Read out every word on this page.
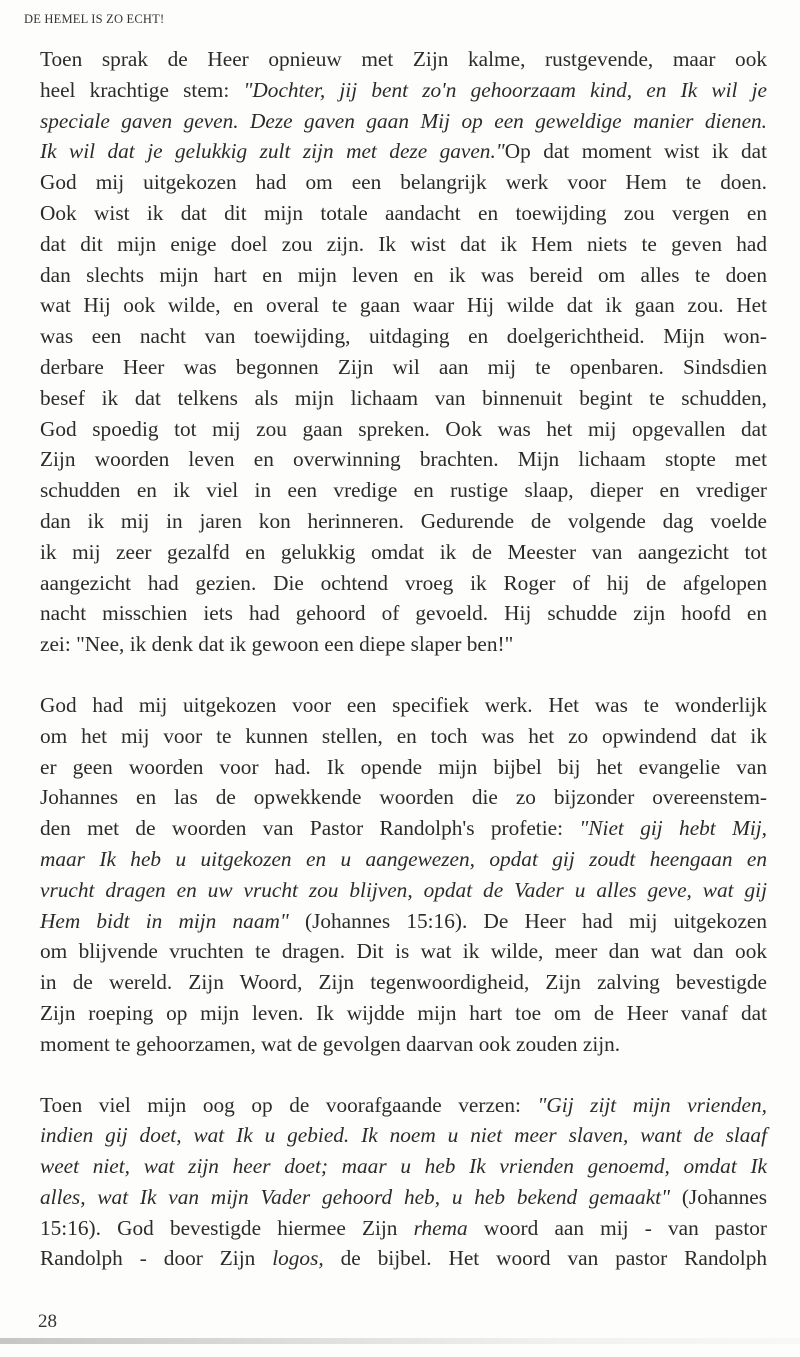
DE HEMEL IS ZO ECHT!
Toen sprak de Heer opnieuw met Zijn kalme, rustgevende, maar ook
heel krachtige stem: "Dochter, jij bent zo'n gehoorzaam kind, en Ik wil je
speciale gaven geven. Deze gaven gaan Mij op een geweldige manier dienen.
Ik wil dat je gelukkig zult zijn met deze gaven."Op dat moment wist ik dat
God mij uitgekozen had om een belangrijk werk voor Hem te doen.
Ook wist ik dat dit mijn totale aandacht en toewijding zou vergen en
dat dit mijn enige doel zou zijn. Ik wist dat ik Hem niets te geven had
dan slechts mijn hart en mijn leven en ik was bereid om alles te doen
wat Hij ook wilde, en overal te gaan waar Hij wilde dat ik gaan zou. Het
was een nacht van toewijding, uitdaging en doelgerichtheid. Mijn won-
derbare Heer was begonnen Zijn wil aan mij te openbaren. Sindsdien
besef ik dat telkens als mijn lichaam van binnenuit begint te schudden,
God spoedig tot mij zou gaan spreken. Ook was het mij opgevallen dat
Zijn woorden leven en overwinning brachten. Mijn lichaam stopte met
schudden en ik viel in een vredige en rustige slaap, dieper en vrediger
dan ik mij in jaren kon herinneren. Gedurende de volgende dag voelde
ik mij zeer gezalfd en gelukkig omdat ik de Meester van aangezicht tot
aangezicht had gezien. Die ochtend vroeg ik Roger of hij de afgelopen
nacht misschien iets had gehoord of gevoeld. Hij schudde zijn hoofd en
zei: "Nee, ik denk dat ik gewoon een diepe slaper ben!"
God had mij uitgekozen voor een specifiek werk. Het was te wonderlijk
om het mij voor te kunnen stellen, en toch was het zo opwindend dat ik
er geen woorden voor had. Ik opende mijn bijbel bij het evangelie van
Johannes en las de opwekkende woorden die zo bijzonder overeenstem-
den met de woorden van Pastor Randolph's profetie: "Niet gij hebt Mij,
maar Ik heb u uitgekozen en u aangewezen, opdat gij zoudt heengaan en
vrucht dragen en uw vrucht zou blijven, opdat de Vader u alles geve, wat gij
Hem bidt in mijn naam" (Johannes 15:16). De Heer had mij uitgekozen
om blijvende vruchten te dragen. Dit is wat ik wilde, meer dan wat dan ook
in de wereld. Zijn Woord, Zijn tegenwoordigheid, Zijn zalving bevestigde
Zijn roeping op mijn leven. Ik wijdde mijn hart toe om de Heer vanaf dat
moment te gehoorzamen, wat de gevolgen daarvan ook zouden zijn.
Toen viel mijn oog op de voorafgaande verzen: "Gij zijt mijn vrienden,
indien gij doet, wat Ik u gebied. Ik noem u niet meer slaven, want de slaaf
weet niet, wat zijn heer doet; maar u heb Ik vrienden genoemd, omdat Ik
alles, wat Ik van mijn Vader gehoord heb, u heb bekend gemaakt" (Johannes
15:16). God bevestigde hiermee Zijn rhema woord aan mij - van pastor
Randolph - door Zijn logos, de bijbel. Het woord van pastor Randolph
28
